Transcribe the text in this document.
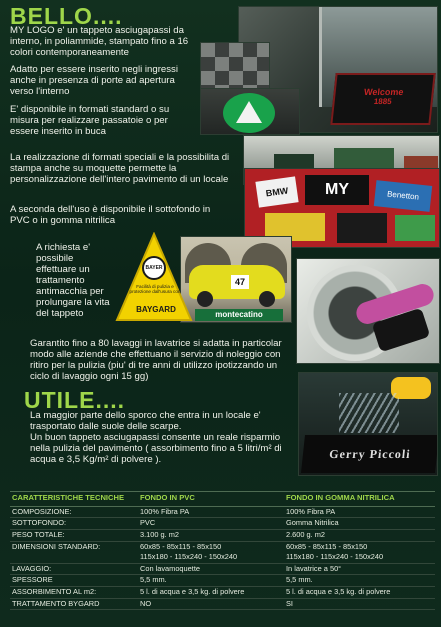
BELLO....
MY LOGO e' un tappeto asciugapassi da interno, in poliammide, stampato fino a 16 colori contemporaneamente
Adatto per essere inserito negli ingressi anche in presenza di porte ad apertura verso l'interno
E' disponibile in formati standard o su misura per realizzare passatoie o per essere inserito in buca
La realizzazione di formati speciali e la possibilita di stampa anche su moquette permette la personalizzazione dell'intero pavimento di un locale
A seconda dell'uso è disponibile il sottofondo in PVC o in gomma nitrilica
A richiesta e' possibile effettuare un trattamento antimacchia per prolungare la vita del tappeto
Garantito fino a 80 lavaggi in lavatrice si adatta in particolar modo alle aziende che effettuano il servizio di noleggio con ritiro per la pulizia (piu' di tre anni di utilizzo ipotizzando un ciclo di lavaggio ogni 15 gg)
Welcome
1885
BMW	MY	Benetton
47
montecatino
BAYER
Facilità di pulizia e protezione dall'usura con
BAYGARD
UTILE....
La maggior parte dello sporco che entra in un locale e' trasportato dalle suole delle scarpe.
Un buon tappeto asciugapassi consente un reale risparmio nella pulizia del pavimento ( assorbimento fino a 5 litri/m² di acqua e 3,5 Kg/m² di polvere ).	Gerry Piccoli
CARATTERISTICHE TECNICHE	FONDO IN PVC	FONDO IN GOMMA NITRILICA
COMPOSIZIONE:	100% Fibra PA	100% Fibra PA
SOTTOFONDO:	PVC	Gomma Nitrilica
PESO TOTALE:	3.100 g. m2	2.600 g. m2
DIMENSIONI STANDARD:	60x85 - 85x115 - 85x150	60x85 - 85x115 - 85x150
115x180 - 115x240 - 150x240	115x180 - 115x240 - 150x240
LAVAGGIO:	Con lavamoquette	In lavatrice a 50°
SPESSORE	5,5 mm.	5,5 mm.
ASSORBIMENTO AL m2:	5 l. di acqua e 3,5 kg. di polvere	5 l. di acqua e 3,5 kg. di polvere
TRATTAMENTO BYGARD	NO	SI
